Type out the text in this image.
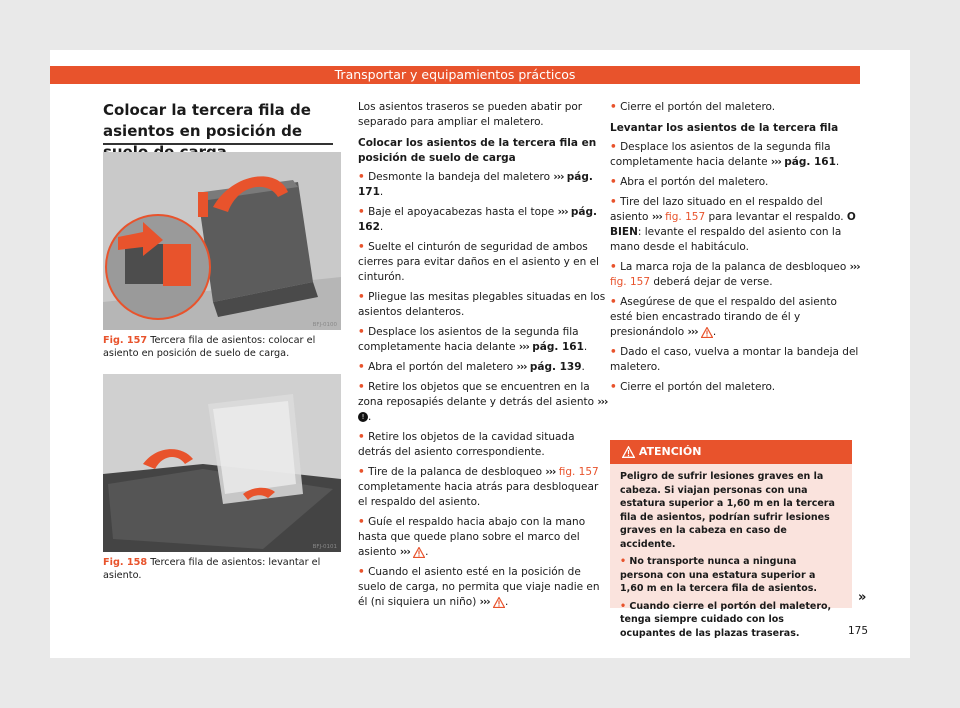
Transportar y equipamientos prácticos
Colocar la tercera fila de asientos en posición de
BFJ-0100
Fig. 157 Tercera fila de asientos: colocar el asiento en posición de suelo de carga.
BFJ-0101
Fig. 158 Tercera fila de asientos: levantar el asiento.
Los asientos traseros se pueden abatir por separado para ampliar el maletero.
Colocar los asientos de la tercera fila en posición de suelo de carga
• Desmonte la bandeja del maletero ››› pág. 171.
• Baje el apoyacabezas hasta el tope ››› pág. 162.
• Suelte el cinturón de seguridad de ambos cierres para evitar daños en el asiento y en el cinturón.
• Pliegue las mesitas plegables situadas en los asientos delanteros.
• Desplace los asientos de la segunda fila completamente hacia delante ››› pág. 161.
• Abra el portón del maletero ››› pág. 139.
• Retire los objetos que se encuentren en la zona reposapiés delante y detrás del asiento ››› ! .
• Retire los objetos de la cavidad situada detrás del asiento correspondiente.
• Tire de la palanca de desbloqueo ››› fig. 157 completamente hacia atrás para desbloquear el respaldo del asiento.
• Guíe el respaldo hacia abajo con la mano hasta que quede plano sobre el marco del asiento ››› .
• Cuando el asiento esté en la posición de suelo de carga, no permita que viaje nadie en él (ni siquiera un niño) ››› .
• Cierre el portón del maletero.
Levantar los asientos de la tercera fila
• Desplace los asientos de la segunda fila completamente hacia delante ››› pág. 161.
• Abra el portón del maletero.
• Tire del lazo situado en el respaldo del asiento ››› fig. 157 para levantar el respaldo. O BIEN: levante el respaldo del asiento con la mano desde el habitáculo.
• La marca roja de la palanca de desbloqueo ››› fig. 157 deberá dejar de verse.
• Asegúrese de que el respaldo del asiento esté bien encastrado tirando de él y presionándolo ››› .
• Dado el caso, vuelva a montar la bandeja del maletero.
• Cierre el portón del maletero.
ATENCIÓN
Peligro de sufrir lesiones graves en la cabeza. Si viajan personas con una estatura superior a 1,60 m en la tercera fila de asientos, podrían sufrir lesiones graves en la cabeza en caso de accidente.
• No transporte nunca a ninguna persona con una estatura superior a 1,60 m en la tercera fila de asientos.
• Cuando cierre el portón del maletero, tenga siempre cuidado con los ocupantes de las plazas traseras.
»
175
